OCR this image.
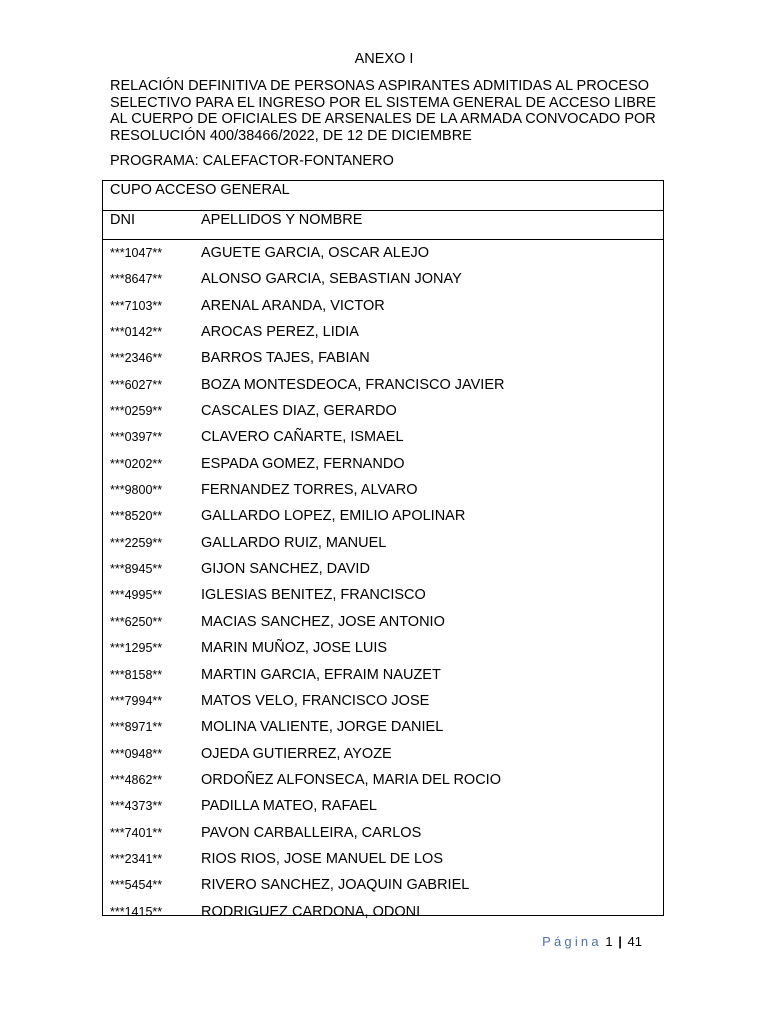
ANEXO I
RELACIÓN DEFINITIVA DE PERSONAS ASPIRANTES ADMITIDAS AL PROCESO
SELECTIVO PARA EL INGRESO POR EL SISTEMA GENERAL DE ACCESO LIBRE
AL CUERPO DE OFICIALES DE ARSENALES DE LA ARMADA CONVOCADO POR
RESOLUCIÓN 400/38466/2022, DE 12 DE DICIEMBRE
PROGRAMA: CALEFACTOR-FONTANERO
CUPO ACCESO GENERAL
DNI	APELLIDOS Y NOMBRE
***1047**	AGUETE GARCIA, OSCAR ALEJO
***8647**	ALONSO GARCIA, SEBASTIAN JONAY
***7103**	ARENAL ARANDA, VICTOR
***0142**	AROCAS PEREZ, LIDIA
***2346**	BARROS TAJES, FABIAN
***6027**	BOZA MONTESDEOCA, FRANCISCO JAVIER
***0259**	CASCALES DIAZ, GERARDO
***0397**	CLAVERO CAÑARTE, ISMAEL
***0202**	ESPADA GOMEZ, FERNANDO
***9800**	FERNANDEZ TORRES, ALVARO
***8520**	GALLARDO LOPEZ, EMILIO APOLINAR
***2259**	GALLARDO RUIZ, MANUEL
***8945**	GIJON SANCHEZ, DAVID
***4995**	IGLESIAS BENITEZ, FRANCISCO
***6250**	MACIAS SANCHEZ, JOSE ANTONIO
***1295**	MARIN MUÑOZ, JOSE LUIS
***8158**	MARTIN GARCIA, EFRAIM NAUZET
***7994**	MATOS VELO, FRANCISCO JOSE
***8971**	MOLINA VALIENTE, JORGE DANIEL
***0948**	OJEDA GUTIERREZ, AYOZE
***4862**	ORDOÑEZ ALFONSECA, MARIA DEL ROCIO
***4373**	PADILLA MATEO, RAFAEL
***7401**	PAVON CARBALLEIRA, CARLOS
***2341**	RIOS RIOS, JOSE MANUEL DE LOS
***5454**	RIVERO SANCHEZ, JOAQUIN GABRIEL
***1415**	RODRIGUEZ CARDONA, ODONI
Página 1 | 41
